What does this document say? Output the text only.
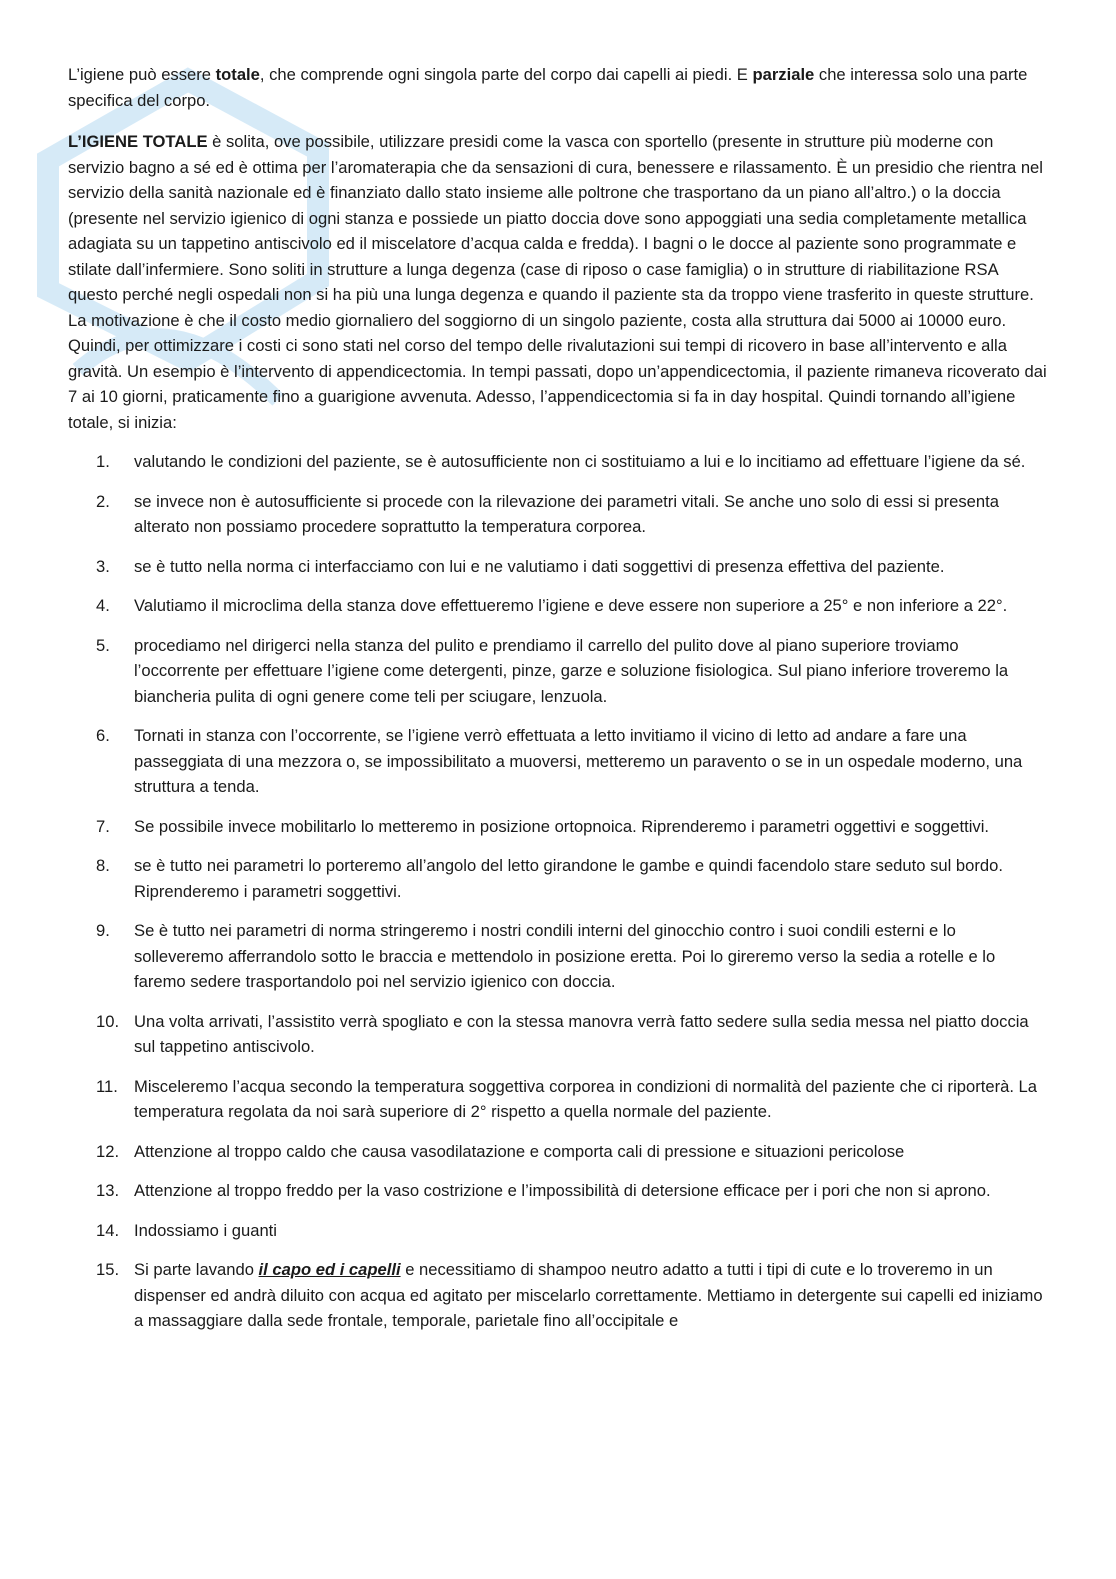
L’igiene può essere totale, che comprende ogni singola parte del corpo dai capelli ai piedi. E parziale che interessa solo una parte specifica del corpo.

L’IGIENE TOTALE è solita, ove possibile, utilizzare presidi come la vasca con sportello (presente in strutture più moderne con servizio bagno a sé ed è ottima per l’aromaterapia che da sensazioni di cura, benessere e rilassamento. È un presidio che rientra nel servizio della sanità nazionale ed è finanziato dallo stato insieme alle poltrone che trasportano da un piano all’altro.) o la doccia (presente nel servizio igienico di ogni stanza e possiede un piatto doccia dove sono appoggiati una sedia completamente metallica adagiata su un tappetino antiscivolo ed il miscelatore d’acqua calda e fredda). I bagni o le docce al paziente sono programmate e stilate dall’infermiere. Sono soliti in strutture a lunga degenza (case di riposo o case famiglia) o in strutture di riabilitazione RSA questo perché negli ospedali non si ha più una lunga degenza e quando il paziente sta da troppo viene trasferito in queste strutture. La motivazione è che il costo medio giornaliero del soggiorno di un singolo paziente, costa alla struttura dai 5000 ai 10000 euro. Quindi, per ottimizzare i costi ci sono stati nel corso del tempo delle rivalutazioni sui tempi di ricovero in base all’intervento e alla gravità. Un esempio è l’intervento di appendicectomia. In tempi passati, dopo un’appendicectomia, il paziente rimaneva ricoverato dai 7 ai 10 giorni, praticamente fino a guarigione avvenuta. Adesso, l’appendicectomia si fa in day hospital. Quindi tornando all’igiene totale, si inizia:

1.	valutando le condizioni del paziente, se è autosufficiente non ci sostituiamo a lui e lo incitiamo ad effettuare l’igiene da sé.
2.	se invece non è autosufficiente si procede con la rilevazione dei parametri vitali. Se anche uno solo di essi si presenta alterato non possiamo procedere soprattutto la temperatura corporea.
3.	se è tutto nella norma ci interfacciamo con lui e ne valutiamo i dati soggettivi di presenza effettiva del paziente.
4.	Valutiamo il microclima della stanza dove effettueremo l’igiene e deve essere non superiore a 25° e non inferiore a 22°.
5.	procediamo nel dirigerci nella stanza del pulito e prendiamo il carrello del pulito dove al piano superiore troviamo l’occorrente per effettuare l’igiene come detergenti, pinze, garze e soluzione fisiologica. Sul piano inferiore troveremo la biancheria pulita di ogni genere come teli per sciugare, lenzuola.
6.	Tornati in stanza con l’occorrente, se l’igiene verrò effettuata a letto invitiamo il vicino di letto ad andare a fare una passeggiata di una mezzora o, se impossibilitato a muoversi, metteremo un paravento o se in un ospedale moderno, una struttura a tenda.
7.	Se possibile invece mobilitarlo lo metteremo in posizione ortopnoica. Riprenderemo i parametri oggettivi e soggettivi.
8.	se è tutto nei parametri lo porteremo all’angolo del letto girandone le gambe e quindi facendolo stare seduto sul bordo. Riprenderemo i parametri soggettivi.
9.	Se è tutto nei parametri di norma stringeremo i nostri condili interni del ginocchio contro i suoi condili esterni e lo solleveremo afferrandolo sotto le braccia e mettendolo in posizione eretta. Poi lo gireremo verso la sedia a rotelle e lo faremo sedere trasportandolo poi nel servizio igienico con doccia.
10. Una volta arrivati, l’assistito verrà spogliato e con la stessa manovra verrà fatto sedere sulla sedia messa nel piatto doccia sul tappetino antiscivolo.
11. Misceleremo l’acqua secondo la temperatura soggettiva corporea in condizioni di normalità del paziente che ci riporterà. La temperatura regolata da noi sarà superiore di 2° rispetto a quella normale del paziente.
12. Attenzione al troppo caldo che causa vasodilatazione e comporta cali di pressione e situazioni pericolose
13. Attenzione al troppo freddo per la vaso costrizione e l’impossibilità di detersione efficace per i pori che non si aprono.
14. Indossiamo i guanti
15. Si parte lavando il capo ed i capelli e necessitiamo di shampoo neutro adatto a tutti i tipi di cute e lo troveremo in un dispenser ed andrà diluito con acqua ed agitato per miscelarlo correttamente. Mettiamo in detergente sui capelli ed iniziamo a massaggiare dalla sede frontale, temporale, parietale fino all’occipitale e
